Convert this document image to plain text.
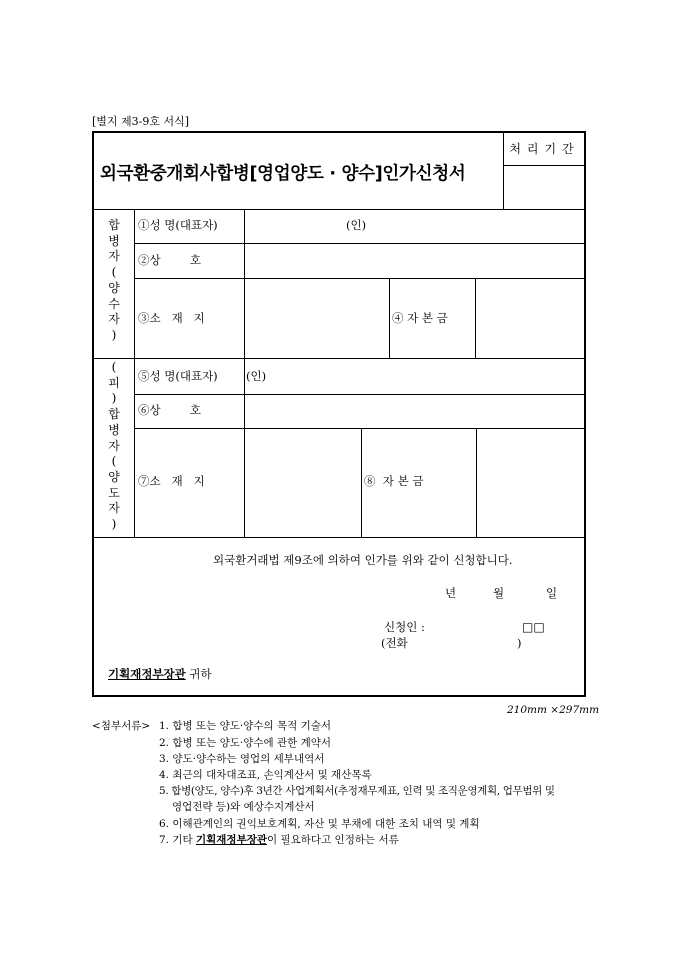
[별지 제3-9호 서식]
외국환중개회사합병[영업양도 · 양수]인가신청서
처리기간
합
병
자
(
양
수
자
)
①성 명(대표자)	(인)
②상        호
③소   재   지	④ 자 본 금
(
피
)
합
병
자
(
양
도
자
)
⑤성 명(대표자) (인)
⑥상        호
⑦소   재   지	⑧  자 본 금
외국환거래법 제9조에 의하여 인가를 위와 같이 신청합니다.
년	월	일
신청인 :	□□
(전화	)
기획재정부장관 귀하
210mm ×297mm
<첨부서류> 1. 합병 또는 양도·양수의 목적 기술서
2. 합병 또는 양도·양수에 관한 계약서
3. 양도·양수하는 영업의 세부내역서
4. 최근의 대차대조표, 손익계산서 및 재산목록
5. 합병(양도, 양수)후 3년간 사업계획서(추정재무제표, 인력 및 조직운영계획, 업무범위 및
영업전략 등)와 예상수지계산서
6. 이해관계인의 권익보호계획, 자산 및 부채에 대한 조치 내역 및 계획
7. 기타 기획재정부장관이 필요하다고 인정하는 서류
